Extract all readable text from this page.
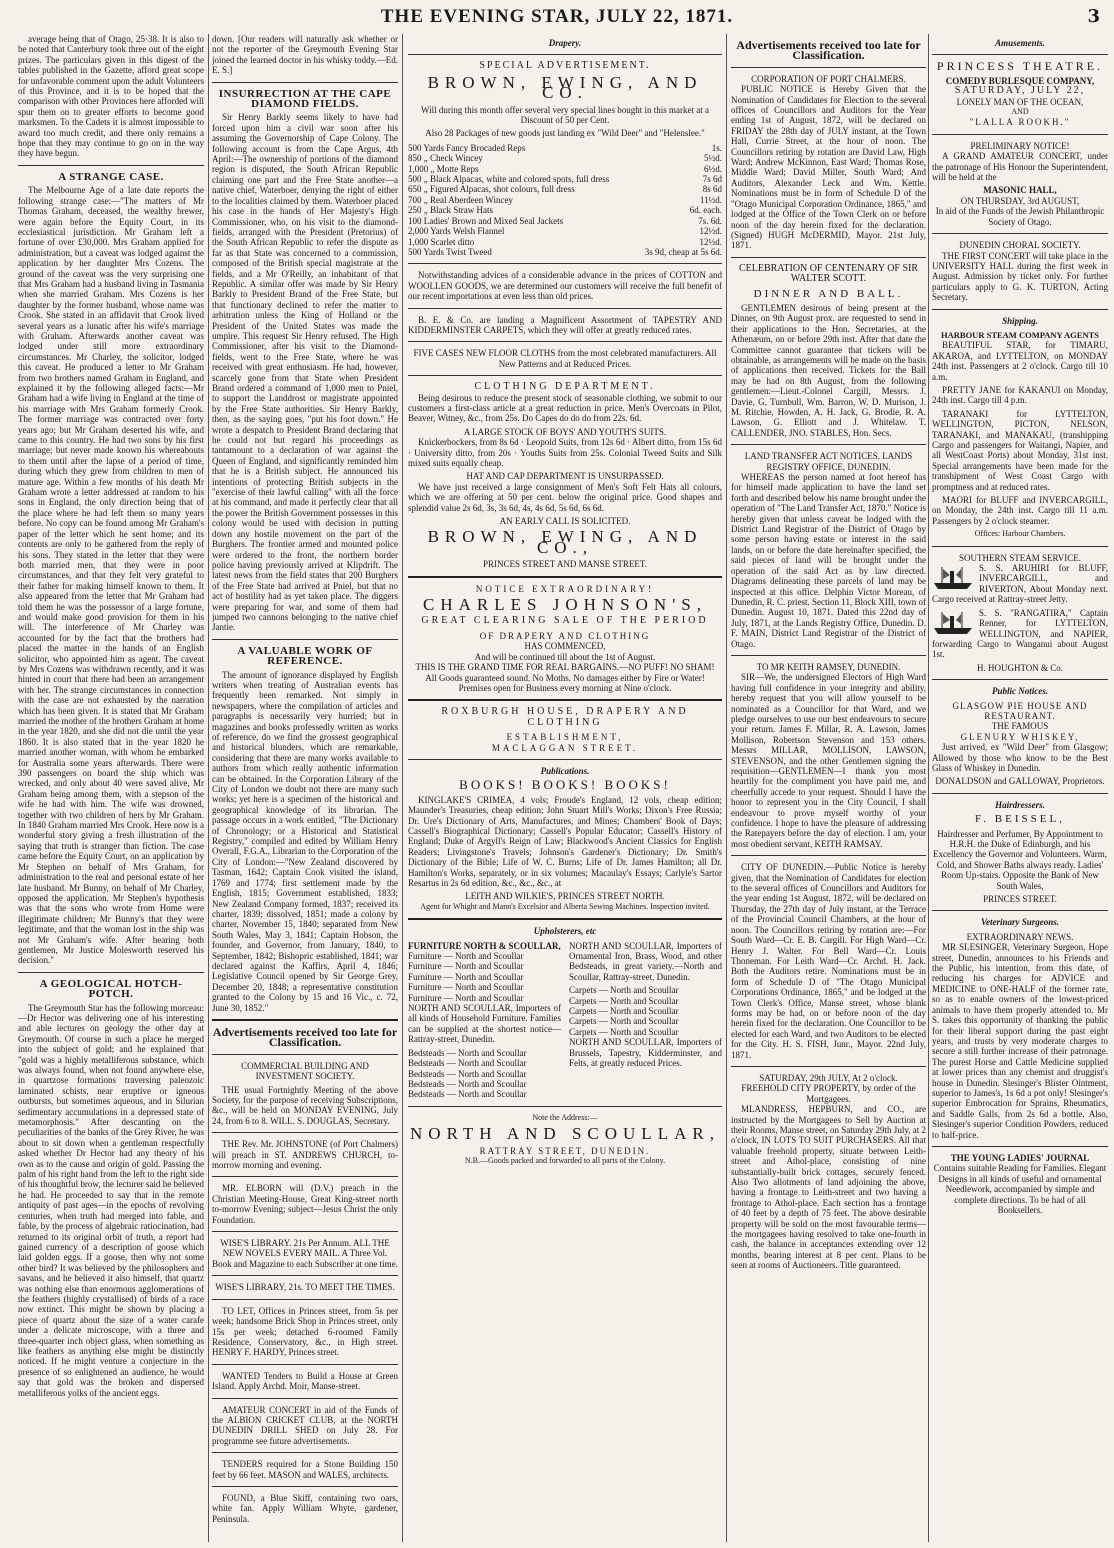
THE EVENING STAR, JULY 22, 1871.	3

average being that of Otago, 25·38. It is also to be noted that Canterbury took three out of the eight prizes. The particulars given in this digest of the tables published in the Gazette, afford great scope for unfavorable comment upon the adult Volunteers of this Province, and it is to be hoped that the comparison with other Provinces here afforded will spur them on to greater efforts to become good marksmen. To the Cadets it is almost impossible to award too much credit, and there only remains a hope that they may continue to go on in the way they have begun.

A STRANGE CASE.

The Melbourne Age of a late date reports the following strange case:—"The matters of Mr Thomas Graham, deceased, the wealthy brewer, were again before the Equity Court, in its ecclesiastical jurisdiction. Mr Graham left a fortune of over £30,000. Mrs Graham applied for administration, but a caveat was lodged against the application by her daughter Mrs Cozens. The ground of the caveat was the very surprising one that Mrs Graham had a husband living in Tasmania when she married Graham. Mrs Cozens is her daughter by the former husband, whose name was Crook. She stated in an affidavit that Crook lived several years as a lunatic after his wife's marriage with Graham. Afterwards another caveat was lodged under still more extraordinary circumstances. Mr Charley, the solicitor, lodged this caveat. He produced a letter to Mr Graham from two brothers named Graham in England, and explained it by the following alleged facts:—Mr Graham had a wife living in England at the time of his marriage with Mrs Graham formerly Crook. The former marriage was contracted over forty years ago; but Mr Graham deserted his wife, and came to this country. He had two sons by his first marriage; but never made known his whereabouts to them until after the lapse of a period of time, during which they grew from children to men of mature age. Within a few months of his death Mr Graham wrote a letter addressed at random to his sons in England, the only direction being that of the place where he had left them so many years before. No copy can be found among Mr Graham's paper of the letter which he sent home; and its contents are only to be gathered from the reply of his sons. They stated in the letter that they were both married men, that they were in poor circumstances, and that they felt very grateful to their father for making himself known to them. It also appeared from the letter that Mr Graham had told them he was the possessor of a large fortune, and would make good provision for them in his will. The interference of Mr Charley was accounted for by the fact that the brothers had placed the matter in the hands of an English solicitor, who appointed him as agent. The caveat by Mrs Cozens was withdrawn recently, and it was hinted in court that there had been an arrangement with her. The strange circumstances in connection with the case are not exhausted by the narration which has been given. It is stated that Mr Graham married the mother of the brothers Graham at home in the year 1820, and she did not die until the year 1860. It is also stated that in the year 1820 he married another woman, with whom he embarked for Australia some years afterwards. There were 390 passengers on board the ship which was wrecked, and only about 40 were saved alive, Mr Graham being among them, with a stepson of the wife he had with him. The wife was drowned, together with two children of hers by Mr Graham. In 1840 Graham married Mrs Crook. Here now is a wonderful story giving a fresh illustration of the saying that truth is stranger than fiction. The case came before the Equity Court, on an application by Mr Stephen on behalf of Mrs Graham, for administration to the real and personal estate of her late husband. Mr Bunny, on behalf of Mr Charley, opposed the application. Mr Stephen's hypothesis was that the sons who wrote from Home were illegitimate children; Mr Bunny's that they were legitimate, and that the woman lost in the ship was not Mr Graham's wife. After hearing both gentlemen, Mr Justice Molesworth reserved his decision."

A GEOLOGICAL HOTCH-POTCH.

The Greymouth Star has the following morceau:—Dr Hector was delivering one of his interesting and able lectures on geology the other day at Greymouth. Of course in such a place he merged into the subject of gold; and he explained that "gold was a highly metalliferous substance, which was always found, when not found anywhere else, in quartzose formations traversing paleozoic laminated schists, near eruptive or igneous outbursts, but sometimes aqueous, and in Silurian sedimentary accumulations in a depressed state of metamorphosis." After descanting on the peculiarities of the banks of the Grey River, he was about to sit down when a gentleman respectfully asked whether Dr Hector had any theory of his own as to the cause and origin of gold. Passing the palm of his right hand from the left to the right side of his thoughtful brow, the lecturer said he believed he had. He proceeded to say that in the remote antiquity of past ages—in the epochs of revolving centuries, when truth had merged into fable, and fable, by the process of algebraic ratiocination, had returned to its original orbit of truth, a report had gained currency of a description of goose which laid golden eggs. If a goose, then why not some other bird? It was believed by the philosophers and savans, and he believed it also himself, that quartz was nothing else than enormous agglomerations of the feathers (highly crystallised) of birds of a race now extinct. This might be shown by placing a piece of quartz about the size of a water carafe under a delicate microscope, with a three and three-quarter inch object glass, when something as like feathers as anything else might be distinctly noticed. If he might venture a conjecture in the presence of so enlightened an audience, he would say that gold was the broken and dispersed metalliferous yolks of the ancient eggs.

down. [Our readers will naturally ask whether or not the reporter of the Greymouth Evening Star joined the learned doctor in his whisky toddy.—Ed. E. S.]

INSURRECTION AT THE CAPE DIAMOND FIELDS.

Sir Henry Barkly seems likely to have had forced upon him a civil war soon after his assuming the Governorship of Cape Colony. The following account is from the Cape Argus, 4th April:—The ownership of portions of the diamond region is disputed, the South African Republic claiming one part and the Free State another—a native chief, Waterboer, denying the right of either to the localities claimed by them. Waterboer placed his case in the hands of Her Majesty's High Commissioner, who, on his visit to the diamond-fields, arranged with the President (Pretorius) of the South African Republic to refer the dispute as far as that State was concerned to a commission, composed of the British special magistrate at the fields, and a Mr O'Reilly, an inhabitant of that Republic. A similar offer was made by Sir Henry Barkly to President Brand of the Free State, but that functionary declined to refer the matter to arbitration unless the King of Holland or the President of the United States was made the umpire. This request Sir Henry refused. The High Commissioner, after his visit to the Diamond-fields, went to the Free State, where he was received with great enthusiasm. He had, however, scarcely gone from that State when President Brand ordered a command of 1,000 men to Pniel, to support the Landdrost or magistrate appointed by the Free State authorities. Sir Henry Barkly, then, as the saying goes, "put his foot down." He wrote a despatch to President Brand declaring that he could not but regard his proceedings as tantamount to a declaration of war against the Queen of England, and significantly reminded him that he is a British subject. He announced his intentions of protecting British subjects in the "exercise of their lawful calling" with all the force at his command, and made it perfectly clear that all the power the British Government possesses in this colony would be used with decision in putting down any hostile movement on the part of the Burghers. The frontier armed and mounted police were ordered to the front, the northern border police having previously arrived at Klipdrift. The latest news from the field states that 200 Burghers of the Free State had arrived at Pniel, but that no act of hostility had as yet taken place. The diggers were preparing for war, and some of them had jumped two cannons belonging to the native chief Jantie.

A VALUABLE WORK OF REFERENCE.

The amount of ignorance displayed by English writers when treating of Australian events has frequently been remarked. Not simply in newspapers, where the compilation of articles and paragraphs is necessarily very hurried; but in magazines and books professedly written as works of reference, do we find the grossest geographical and historical blunders, which are remarkable, considering that there are many works available to authors from which really authentic information can be obtained. In the Corporation Library of the City of London we doubt not there are many such works; yet here is a specimen of the historical and geographical knowledge of its librarian. The passage occurs in a work entitled, "The Dictionary of Chronology; or a Historical and Statistical Registry," compiled and edited by William Henry Overall, F.G.A., Librarian to the Corporation of the City of London:—"New Zealand discovered by Tasman, 1642; Captain Cook visited the island, 1769 and 1774; first settlement made by the English, 1815; Government established, 1833; New Zealand Company formed, 1837; received its charter, 1839; dissolved, 1851; made a colony by charter, November 15, 1840; separated from New South Wales, May 3, 1841; Captain Hobson, the founder, and Governor, from January, 1840, to September, 1842; Bishopric established, 1841; war declared against the Kaffirs, April 4, 1846; Legislative Council opened by Sir George Grey, December 20, 1848; a representative constitution granted to the Colony by 15 and 16 Vic., c. 72, June 30, 1852."

Advertisements received too late for Classification.

COMMERCIAL BUILDING AND INVESTMENT SOCIETY.

THE usual Fortnightly Meeting of the above Society, for the purpose of receiving Subscriptions, &c., will be held on MONDAY EVENING, July 24, from 6 to 8. WILL. S. DOUGLAS, Secretary.

THE Rev. Mr. JOHNSTONE (of Port Chalmers) will preach in ST. ANDREWS CHURCH, to-morrow morning and evening.

MR. ELBORN will (D.V.) preach in the Christian Meeting-House, Great King-street north to-morrow Evening; subject—Jesus Christ the only Foundation.

WISE'S LIBRARY. 21s Per Annum. ALL THE NEW NOVELS EVERY MAIL. A Three Vol. Book and Magazine to each Subscriber at one time.

WISE'S LIBRARY, 21s. TO MEET THE TIMES.

TO LET, Offices in Princes street, from 5s per week; handsome Brick Shop in Princes street, only 15s per week; detached 6-roomed Family Residence, Conservatory, &c., in High street. HENRY F. HARDY, Princes street.

WANTED Tenders to Build a House at Green Island. Apply Archd. Moir, Manse-street.

AMATEUR CONCERT in aid of the Funds of the ALBION CRICKET CLUB, at the NORTH DUNEDIN DRILL SHED on July 28. For programme see future advertisements.

TENDERS required for a Stone Building 150 feet by 66 feet. MASON and WALES, architects.

FOUND, a Blue Skiff, containing two oars, white fan. Apply William Whyte, gardener, Peninsula.

Drapery.
SPECIAL ADVERTISEMENT.
BROWN, EWING, AND CO.

Will during this month offer several very special lines bought in this market at a Discount of 50 per Cent.

Also 28 Packages of new goods just landing ex "Wild Deer" and "Helenslee."

500 Yards Fancy Brocaded Reps	1s.
850 „ Check Wincey	5½d.
1,000 „ Motte Reps	6½d.
500 „ Black Alpacas, white and colored spots, full dress	7s 6d
650 „ Figured Alpacas, shot colours, full dress	8s 6d
700 „ Real Aberdeen Wincey	11½d.
250 „ Black Straw Hats	6d. each.
100 Ladies' Brown and Mixed Seal Jackets	7s. 6d.
2,000 Yards Welsh Flannel	12½d.
1,000 Scarlet ditto	12½d.
500 Yards Twist Tweed	3s 9d, cheap at 5s 6d.

Notwithstanding advices of a considerable advance in the prices of COTTON and WOOLLEN GOODS, we are determined our customers will receive the full benefit of our recent importations at even less than old prices.

B. E. & Co. are landing a Magnificent Assortment of TAPESTRY AND KIDDERMINSTER CARPETS, which they will offer at greatly reduced rates.

FIVE CASES NEW FLOOR CLOTHS from the most celebrated manufacturers. All New Patterns and at Reduced Prices.

CLOTHING DEPARTMENT.

Being desirous to reduce the present stock of seasonable clothing, we submit to our customers a first-class article at a great reduction in price. Men's Overcoats in Pilot, Beaver, Witney, &c., from 25s. Do Capes do do do from 22s. 6d.

A LARGE STOCK OF BOYS' AND YOUTH'S SUITS.

Knickerbockers, from 8s 6d · Leopold Suits, from 12s 6d · Albert ditto, from 15s 6d · University ditto, from 20s · Youths Suits from 25s. Colonial Tweed Suits and Silk mixed suits equally cheap.

HAT AND CAP DEPARTMENT IS UNSURPASSED.

We have just received a large consignment of Men's Soft Felt Hats all colours, which we are offering at 50 per cent. below the original price. Good shapes and splendid value 2s 6d, 3s, 3s 6d, 4s, 4s 6d, 5s 6d, 6s 6d.

AN EARLY CALL IS SOLICITED.
BROWN, EWING, AND CO.,
PRINCES STREET AND MANSE STREET.
NOTICE EXTRAORDINARY!
CHARLES JOHNSON'S,
GREAT CLEARING SALE OF THE PERIOD
OF DRAPERY AND CLOTHING
HAS COMMENCED,
And will be continued till about the 1st of August.
THIS IS THE GRAND TIME FOR REAL BARGAINS.—NO PUFF! NO SHAM!
All Goods guaranteed sound. No Moths. No damages either by Fire or Water!
Premises open for Business every morning at Nine o'clock.
ROXBURGH HOUSE, DRAPERY AND CLOTHING
ESTABLISHMENT,
MACLAGGAN STREET.
Publications.
BOOKS! BOOKS! BOOKS!

KINGLAKE'S CRIMEA, 4 vols; Froude's England, 12 vols, cheap edition; Maunder's Treasuries, cheap edition; John Stuart Mill's Works; Dixon's Free Russia; Dr. Ure's Dictionary of Arts, Manufactures, and Mines; Chambers' Book of Days; Cassell's Biographical Dictionary; Cassell's Popular Educator; Cassell's History of England; Duke of Argyll's Reign of Law; Blackwood's Ancient Classics for English Readers; Livingstone's Travels; Johnson's Gardener's Dictionary; Dr. Smith's Dictionary of the Bible; Life of W. C. Burns; Life of Dr. James Hamilton; all Dr. Hamilton's Works, separately, or in six volumes; Macaulay's Essays; Carlyle's Sartor Resartus in 2s 6d edition, &c., &c., &c., at

LEITH AND WILKIE'S, PRINCES STREET NORTH.
Agent for Whight and Mann's Excelsior and Alberta Sewing Machines. Inspection invited.
Upholsterers, etc
FURNITURE NORTH & SCOULLAR,
Furniture — North and Scoullar
Furniture — North and Scoullar
Furniture — North and Scoullar
Furniture — North and Scoullar
Furniture — North and Scoullar

NORTH AND SCOULLAR, Importers of all kinds of Household Furniture. Families can be supplied at the shortest notice—Rattray-street, Dunedin.

Bedsteads — North and Scoullar
Bedsteads — North and Scoullar
Bedsteads — North and Scoullar
Bedsteads — North and Scoullar
Bedsteads — North and Scoullar

NORTH AND SCOULLAR, Importers of Ornamental Iron, Brass, Wood, and other Bedsteads, in great variety.—North and Scoullar, Rattray-street, Dunedin.

Carpets — North and Scoullar
Carpets — North and Scoullar
Carpets — North and Scoullar
Carpets — North and Scoullar
Carpets — North and Scoullar

NORTH AND SCOULLAR, Importers of Brussels, Tapestry, Kidderminster, and Felts, at greatly reduced Prices.

Note the Address:—
NORTH AND SCOULLAR,
RATTRAY STREET, DUNEDIN.
N.B.—Goods packed and forwarded to all parts of the Colony.
Advertisements received too late for Classification.
CORPORATION OF PORT CHALMERS.

PUBLIC NOTICE is Hereby Given that the Nomination of Candidates for Election to the several offices of Councillors and Auditors for the Year ending 1st of August, 1872, will be declared on FRIDAY the 28th day of JULY instant, at the Town Hall, Currie Street, at the hour of noon. The Councillors retiring by rotation are David Law, High Ward; Andrew McKinnon, East Ward; Thomas Rose, Middle Ward; David Miller, South Ward; And Auditors, Alexander Leck and Wm. Kettle. Nominations must be in form of Schedule D of the "Otago Municipal Corporation Ordinance, 1865," and lodged at the Office of the Town Clerk on or before noon of the day herein fixed for the declaration. (Signed) HUGH McDERMID, Mayor. 21st July, 1871.

CELEBRATION OF CENTENARY OF SIR WALTER SCOTT.
DINNER AND BALL.

GENTLEMEN desirous of being present at the Dinner, on 9th August prox. are requested to send in their applications to the Hon. Secretaries, at the Athenæum, on or before 29th inst. After that date the Committee cannot guarantee that tickets will be obtainable, as arrangements will be made on the basis of applications then received. Tickets for the Ball may be had on 8th August, from the following gentlemen:—Lieut.-Colonel Cargill, Messrs. J. Davie, G. Turnbull, Wm. Barron, W. D. Murison, J. M. Ritchie, Howden, A. H. Jack, G. Brodie, R. A. Lawson, G. Elliott and J. Whitelaw. T. CALLENDER, JNO. STABLES, Hon. Secs.

LAND TRANSFER ACT NOTICES. LANDS REGISTRY OFFICE, DUNEDIN.

WHEREAS the person named at foot hereof has for himself made application to have the land set forth and described below his name brought under the operation of "The Land Transfer Act, 1870." Notice is hereby given that unless caveat be lodged with the District Land Registrar of the District of Otago by some person having estate or interest in the said lands, on or before the date hereinafter specified, the said pieces of land will be brought under the operation of the said Act as by law directed. Diagrams delineating these parcels of land may be inspected at this office. Delphin Victor Moreau, of Dunedin, R. C. priest. Section 11, Block XIII, town of Dunedin. August 10, 1871. Dated this 22nd day of July, 1871, at the Lands Registry Office, Dunedin. D. F. MAIN, District Land Registrar of the District of Otago.

TO MR KEITH RAMSEY, DUNEDIN.

SIR—We, the undersigned Electors of High Ward having full confidence in your integrity and ability, hereby request that you will allow yourself to be nominated as a Councillor for that Ward, and we pledge ourselves to use our best endeavours to secure your return. James F. Millar, R. A. Lawson, James Mollison, Robertson Stevenson and 153 others. Messrs MILLAR, MOLLISON, LAWSON, STEVENSON, and the other Gentlemen signing the requisition—GENTLEMEN—I thank you most heartily for the compliment you have paid me, and cheerfully accede to your request. Should I have the honor to represent you in the City Council, I shall endeavour to prove myself worthy of your confidence. I hope to have the pleasure of addressing the Ratepayers before the day of election. I am, your most obedient servant, KEITH RAMSAY.

CITY OF DUNEDIN.—Public Notice is hereby given, that the Nomination of Candidates for election to the several offices of Councillors and Auditors for the year ending 1st August, 1872, will be declared on Thursday, the 27th day of July instant, at the Terrace of the Provincial Council Chambers, at the hour of noon. The Councillors retiring by rotation are:—For South Ward—Cr. E. B. Cargill. For High Ward—Cr. Henry J. Walter. For Bell Ward—Cr. Louis Thoneman. For Leith Ward—Cr. Archd. H. Jack. Both the Auditors retire. Nominations must be in form of Schedule D of "The Otago Municipal Corporations Ordinance, 1865," and be lodged at the Town Clerk's Office, Manse street, whose blank forms may be had, on or before noon of the day herein fixed for the declaration. One Councillor to be elected for each Ward, and two Auditors to be elected for the City. H. S. FISH, Junr., Mayor. 22nd July, 1871.

SATURDAY, 29th JULY, At 2 o'clock.
FREEHOLD CITY PROPERTY, by order of the Mortgagees.

MLANDRESS, HEPBURN, and CO., are instructed by the Mortgagees to Sell by Auction at their Rooms, Manse street, on Saturday 29th July, at 2 o'clock, IN LOTS TO SUIT PURCHASERS. All that valuable freehold property, situate between Leith-street and Athol-place, consisting of nine substantially-built brick cottages, securely fenced. Also Two allotments of land adjoining the above, having a frontage to Leith-street and two having a frontage to Athol-place. Each section has a frontage of 40 feet by a depth of 75 feet. The above desirable property will be sold on the most favourable terms—the mortgagees having resolved to take one-fourth in cash, the balance in acceptances extending over 12 months, bearing interest at 8 per cent. Plans to be seen at rooms of Auctioneers. Title guaranteed.

Amusements.
PRINCESS THEATRE.
COMEDY BURLESQUE COMPANY,
SATURDAY, JULY 22,
LONELY MAN OF THE OCEAN,
AND
"LALLA ROOKH."
PRELIMINARY NOTICE!

A GRAND AMATEUR CONCERT, under the patronage of His Honour the Superintendent, will be held at the

MASONIC HALL,
ON THURSDAY, 3rd AUGUST,

In aid of the Funds of the Jewish Philanthropic Society of Otago.

DUNEDIN CHORAL SOCIETY.

THE FIRST CONCERT will take place in the UNIVERSITY HALL during the first week in August. Admission by ticket only. For further particulars apply to G. K. TURTON, Acting Secretary.

Shipping.
HARBOUR STEAM COMPANY AGENTS

BEAUTIFUL STAR, for TIMARU, AKAROA, and LYTTELTON, on MONDAY 24th inst. Passengers at 2 o'clock. Cargo till 10 a.m.

PRETTY JANE for KAKANUI on Monday, 24th inst. Cargo till 4 p.m.

TARANAKI for LYTTELTON, WELLINGTON, PICTON, NELSON, TARANAKI, and MANAKAU, (transhipping Cargo and passengers for Waitangi, Napier, and all WestCoast Ports) about Monday, 31st inst. Special arrangements have been made for the transhipment of West Coast Cargo with promptness and at reduced rates.

MAORI for BLUFF and INVERCARGILL, on Monday, the 24th inst. Cargo till 11 a.m. Passengers by 2 o'clock steamer.

Offices: Harbour Chambers.
SOUTHERN STEAM SERVICE.

S. S. ARUHIRI for BLUFF, INVERCARGILL, and RIVERTON, About Monday next. Cargo received at Rattray-street Jetty.

S. S. "RANGATIRA," Captain Renner, for LYTTELTON, WELLINGTON, and NAPIER, forwarding Cargo to Wanganui about August 1st.

H. HOUGHTON & Co.
Public Notices.
GLASGOW PIE HOUSE AND RESTAURANT.
THE FAMOUS
GLENURY WHISKEY,

Just arrived, ex "Wild Deer" from Glasgow; Allowed by those who know to be the Best Glass of Whiskey in Dunedin.

DONALDSON and GALLOWAY, Proprietors.
Hairdressers.
F. BEISSEL,

Hairdresser and Perfumer, By Appointment to H.R.H. the Duke of Edinburgh, and his Excellency the Governor and Volunteers. Warm, Cold, and Shower Baths always ready. Ladies' Room Up-stairs. Opposite the Bank of New South Wales,

PRINCES STREET.
Veterinary Surgeons.
EXTRAORDINARY NEWS.

MR SLESINGER, Veterinary Surgeon, Hope street, Dunedin, announces to his Friends and the Public, his intention, from this date, of reducing his charges for ADVICE and MEDICINE to ONE-HALF of the former rate, so as to enable owners of the lowest-priced animals to have them properly attended to. Mr S. takes this opportunity of thanking the public for their liberal support during the past eight years, and trusts by very moderate charges to secure a still further increase of their patronage. The purest Horse and Cattle Medicine supplied at lower prices than any chemist and druggist's house in Dunedin. Slesinger's Blister Ointment, superior to James's, 1s 6d a pot only! Slesinger's superior Embrocation for Sprains, Rheumatics, and Saddle Galls, from 2s 6d a bottle. Also, Slesinger's superior Condition Powders, reduced to half-price.

THE YOUNG LADIES' JOURNAL

Contains suitable Reading for Families. Elegant Designs in all kinds of useful and ornamental Needlework, accompanied by simple and complete directions. To be had of all Booksellers.
